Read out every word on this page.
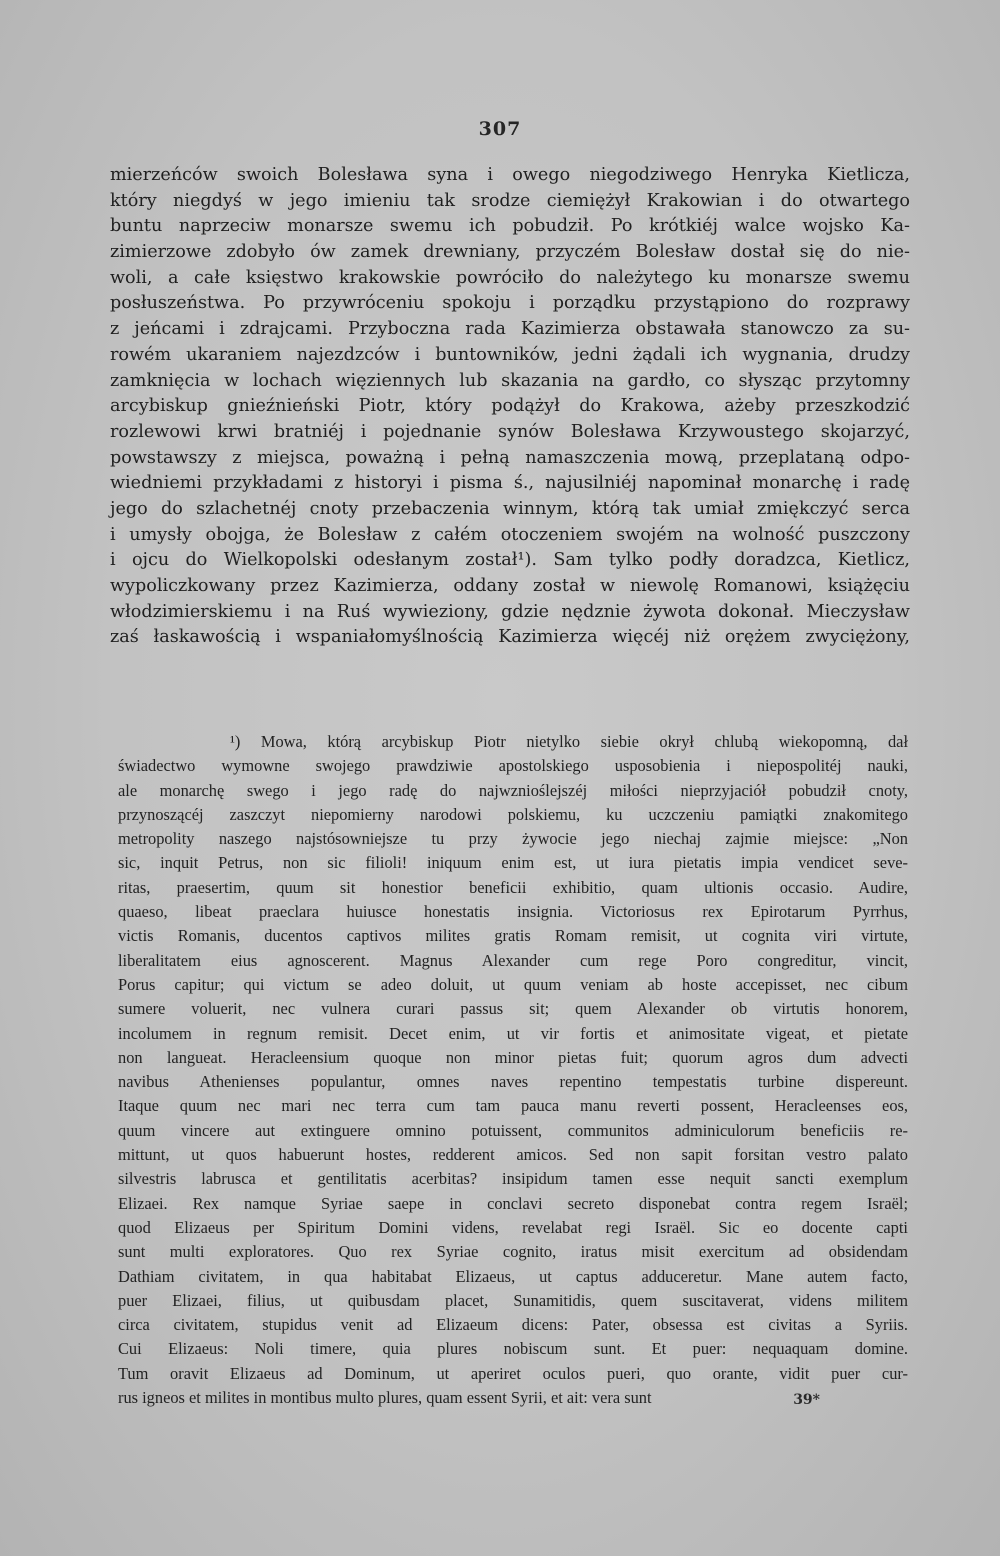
307
mierzeńców swoich Bolesława syna i owego niegodziwego Henryka Kietlicza,
który niegdyś w jego imieniu tak srodze ciemiężył Krakowian i do otwartego
buntu naprzeciw monarsze swemu ich pobudził. Po krótkiéj walce wojsko Ka-
zimierzowe zdobyło ów zamek drewniany, przyczém Bolesław dostał się do nie-
woli, a całe księstwo krakowskie powróciło do należytego ku monarsze swemu
posłuszeństwa. Po przywróceniu spokoju i porządku przystąpiono do rozprawy
z jeńcami i zdrajcami. Przyboczna rada Kazimierza obstawała stanowczo za su-
rowém ukaraniem najezdzców i buntowników, jedni żądali ich wygnania, drudzy
zamknięcia w lochach więziennych lub skazania na gardło, co słysząc przytomny
arcybiskup gnieźnieński Piotr, który podążył do Krakowa, ażeby przeszkodzić
rozlewowi krwi bratniéj i pojednanie synów Bolesława Krzywoustego skojarzyć,
powstawszy z miejsca, poważną i pełną namaszczenia mową, przeplataną odpo-
wiedniemi przykładami z historyi i pisma ś., najusilniéj napominał monarchę i radę
jego do szlachetnéj cnoty przebaczenia winnym, którą tak umiał zmiękczyć serca
i umysły obojga, że Bolesław z całém otoczeniem swojém na wolność puszczony
i ojcu do Wielkopolski odesłanym został¹). Sam tylko podły doradzca, Kietlicz,
wypoliczkowany przez Kazimierza, oddany został w niewolę Romanowi, książęciu
włodzimierskiemu i na Ruś wywieziony, gdzie nędznie żywota dokonał. Mieczysław
zaś łaskawością i wspaniałomyślnością Kazimierza więcéj niż orężem zwyciężony,
¹) Mowa, którą arcybiskup Piotr nietylko siebie okrył chlubą wiekopomną, dał
świadectwo wymowne swojego prawdziwie apostolskiego usposobienia i niepospolitéj nauki,
ale monarchę swego i jego radę do najwznioślejszéj miłości nieprzyjaciół pobudził cnoty,
przynoszącéj zaszczyt niepomierny narodowi polskiemu, ku uczczeniu pamiątki znakomitego
metropolity naszego najstósowniejsze tu przy żywocie jego niechaj zajmie miejsce: „Non
sic, inquit Petrus, non sic filioli! iniquum enim est, ut iura pietatis impia vendicet seve-
ritas, praesertim, quum sit honestior beneficii exhibitio, quam ultionis occasio. Audire,
quaeso, libeat praeclara huiusce honestatis insignia. Victoriosus rex Epirotarum Pyrrhus,
victis Romanis, ducentos captivos milites gratis Romam remisit, ut cognita viri virtute,
liberalitatem eius agnoscerent. Magnus Alexander cum rege Poro congreditur, vincit,
Porus capitur; qui victum se adeo doluit, ut quum veniam ab hoste accepisset, nec cibum
sumere voluerit, nec vulnera curari passus sit; quem Alexander ob virtutis honorem,
incolumem in regnum remisit. Decet enim, ut vir fortis et animositate vigeat, et pietate
non langueat. Heracleensium quoque non minor pietas fuit; quorum agros dum advecti
navibus Athenienses populantur, omnes naves repentino tempestatis turbine dispereunt.
Itaque quum nec mari nec terra cum tam pauca manu reverti possent, Heracleenses eos,
quum vincere aut extinguere omnino potuissent, communitos adminiculorum beneficiis re-
mittunt, ut quos habuerunt hostes, redderent amicos. Sed non sapit forsitan vestro palato
silvestris labrusca et gentilitatis acerbitas? insipidum tamen esse nequit sancti exemplum
Elizaei. Rex namque Syriae saepe in conclavi secreto disponebat contra regem Israël;
quod Elizaeus per Spiritum Domini videns, revelabat regi Israël. Sic eo docente capti
sunt multi exploratores. Quo rex Syriae cognito, iratus misit exercitum ad obsidendam
Dathiam civitatem, in qua habitabat Elizaeus, ut captus adduceretur. Mane autem facto,
puer Elizaei, filius, ut quibusdam placet, Sunamitidis, quem suscitaverat, videns militem
circa civitatem, stupidus venit ad Elizaeum dicens: Pater, obsessa est civitas a Syriis.
Cui Elizaeus: Noli timere, quia plures nobiscum sunt. Et puer: nequaquam domine.
Tum oravit Elizaeus ad Dominum, ut aperiret oculos pueri, quo orante, vidit puer cur-
rus igneos et milites in montibus multo plures, quam essent Syrii, et ait: vera sunt	39*
